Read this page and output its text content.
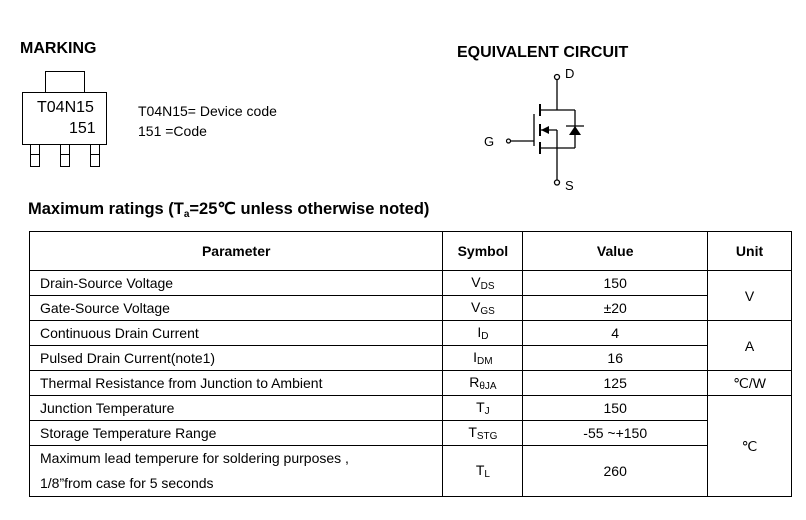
MARKING
T04N15
151
T04N15= Device code
151 =Code
EQUIVALENT CIRCUIT
D
G
S
Maximum ratings ($T_a=25℃$ unless otherwise noted)
Parameter	Symbol	Value	Unit
Drain-Source Voltage	$V_{DS}$	150	V
Gate-Source Voltage	$V_{GS}$	±20	
Continuous Drain Current	$I_D$	4	A
Pulsed Drain Current(note1)	$I_{DM}$	16	
Thermal Resistance from Junction to Ambient	$R_{\theta JA}$	125	℃/W
Junction Temperature	$T_J$	150	℃
Storage Temperature Range	$T_{STG}$	-55 ~+150	

Maximum lead temperure for soldering purposes ,
1/8”from case for 5 seconds	$T_L$	260	
